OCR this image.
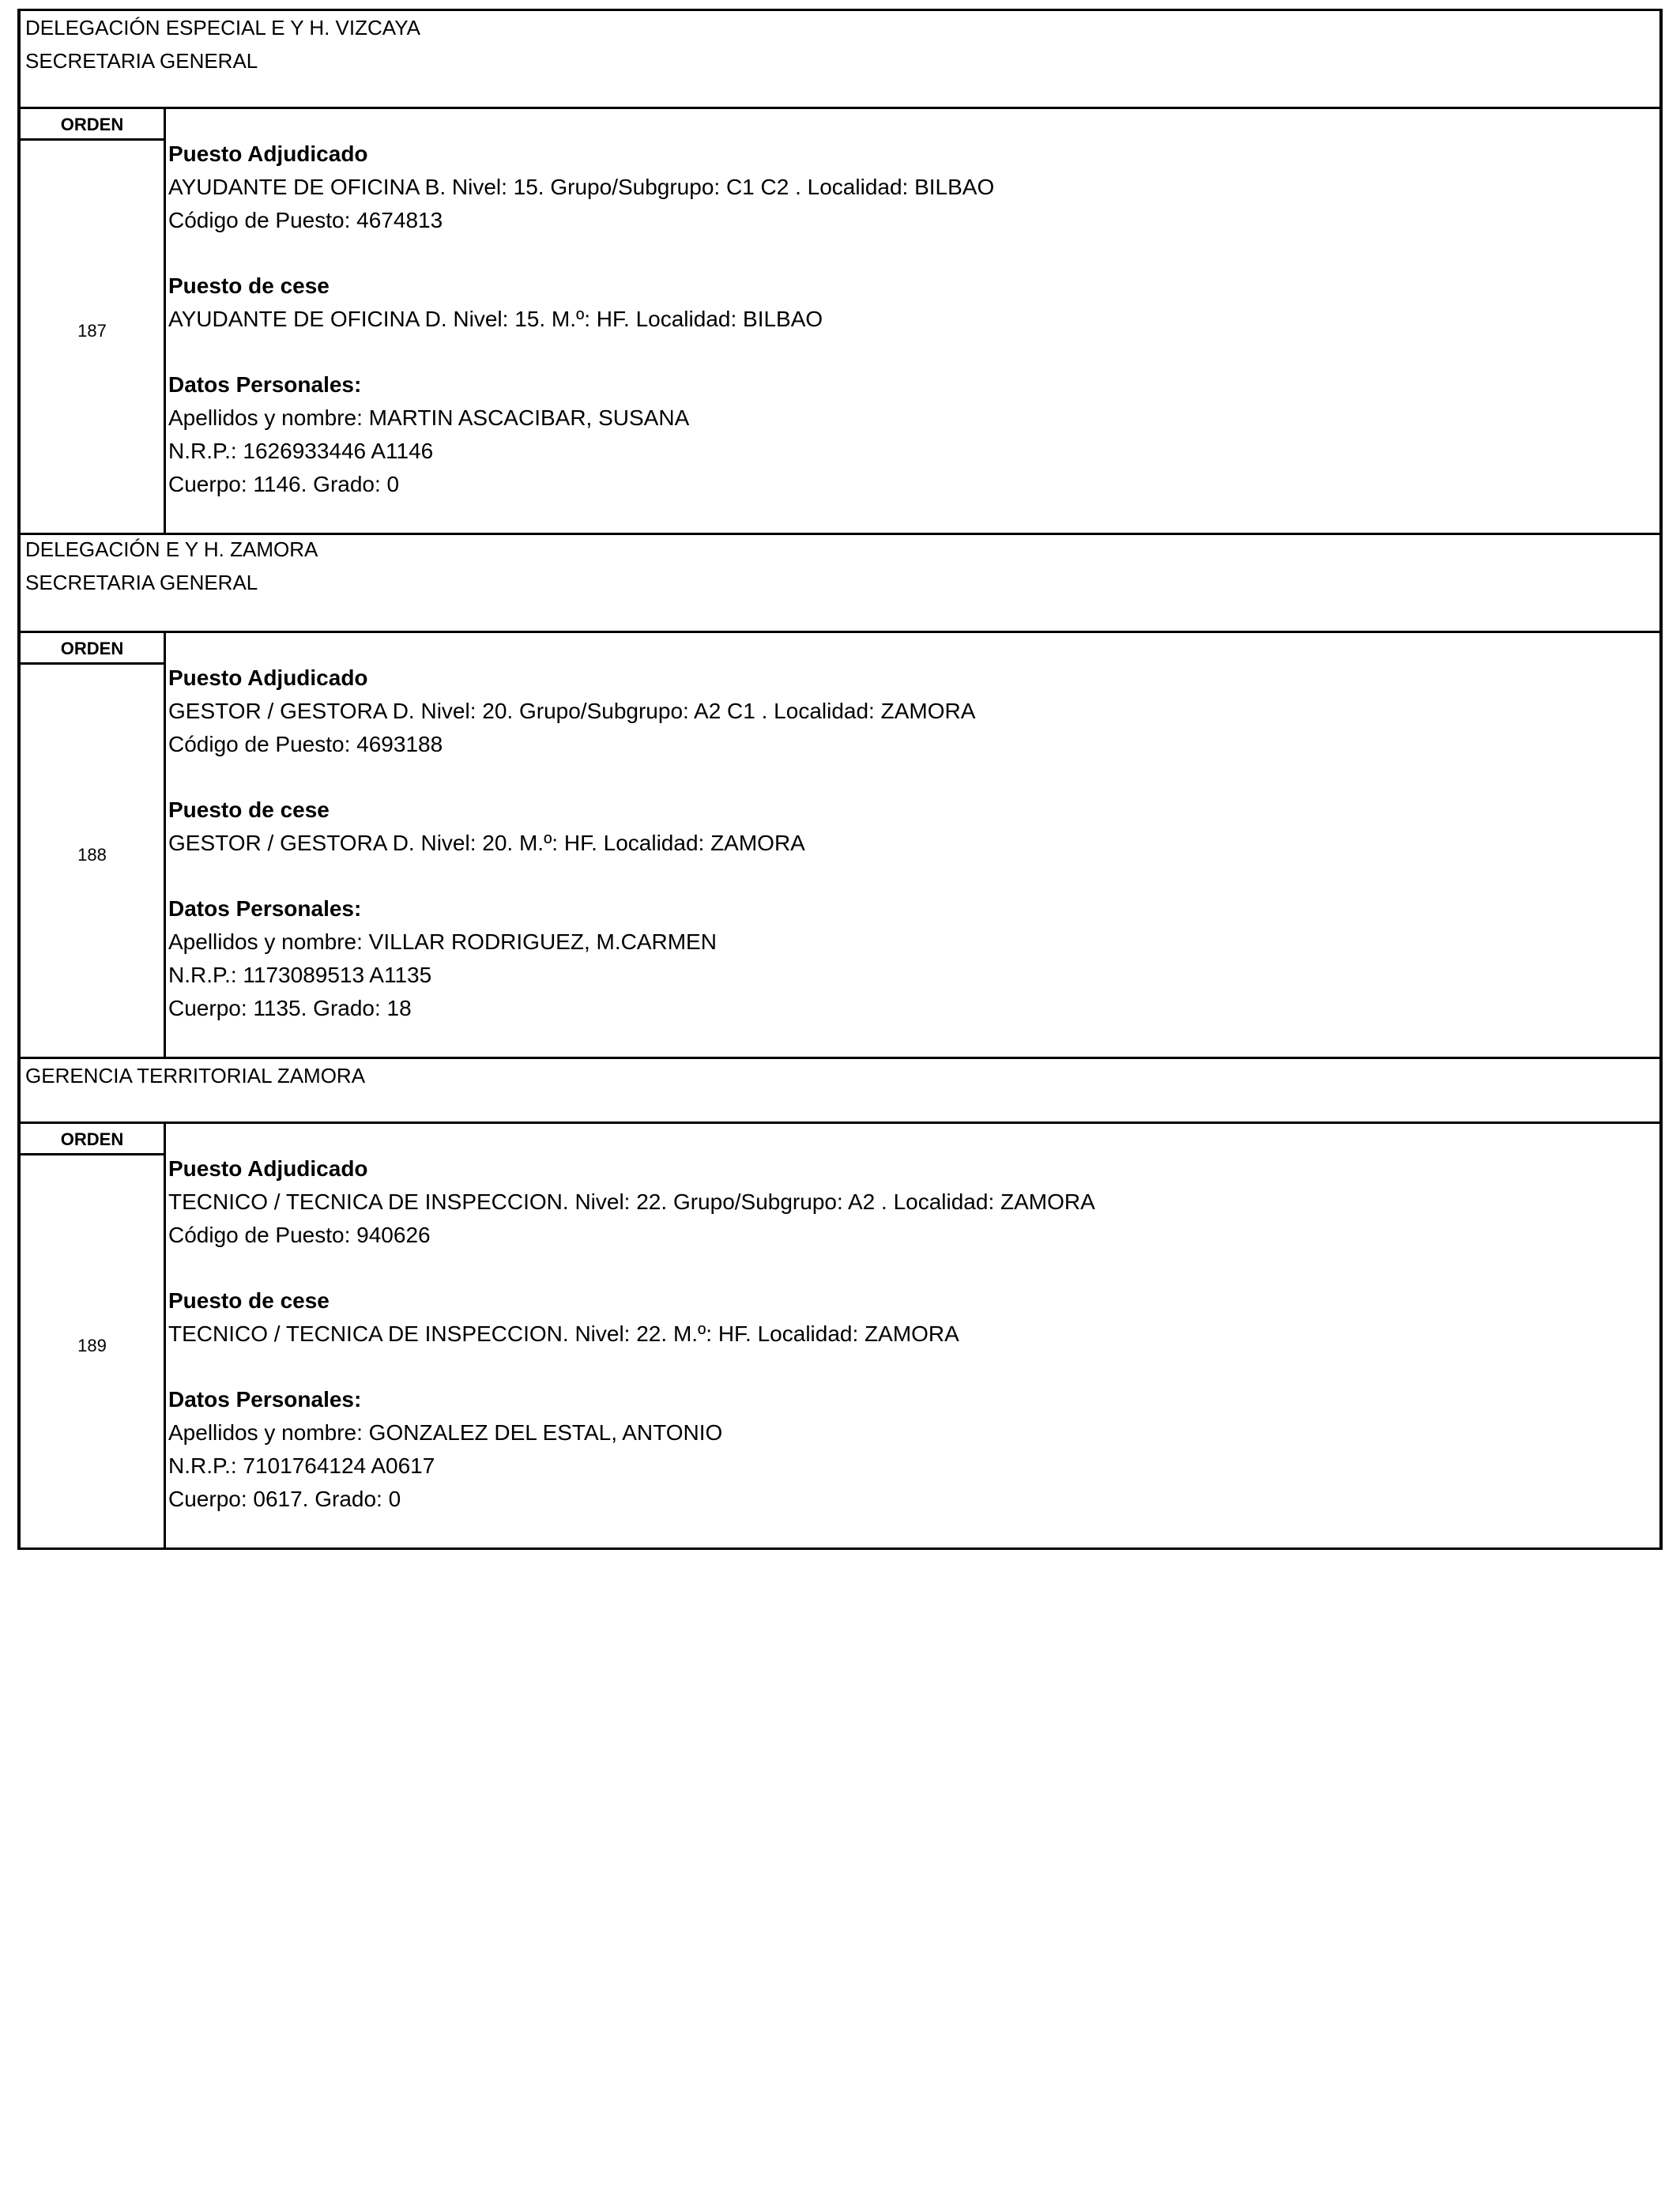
DELEGACIÓN ESPECIAL E Y H. VIZCAYA
SECRETARIA GENERAL
ORDEN
187
Puesto Adjudicado
AYUDANTE DE OFICINA B. Nivel: 15. Grupo/Subgrupo: C1 C2 . Localidad: BILBAO
Código de Puesto: 4674813
Puesto de cese
AYUDANTE DE OFICINA D. Nivel: 15. M.º: HF. Localidad: BILBAO
Datos Personales:
Apellidos y nombre: MARTIN ASCACIBAR, SUSANA
N.R.P.: 1626933446 A1146
Cuerpo: 1146. Grado: 0
DELEGACIÓN E Y H. ZAMORA
SECRETARIA GENERAL
ORDEN
188
Puesto Adjudicado
GESTOR / GESTORA D. Nivel: 20. Grupo/Subgrupo: A2 C1 . Localidad: ZAMORA
Código de Puesto: 4693188
Puesto de cese
GESTOR / GESTORA D. Nivel: 20. M.º: HF. Localidad: ZAMORA
Datos Personales:
Apellidos y nombre: VILLAR RODRIGUEZ, M.CARMEN
N.R.P.: 1173089513 A1135
Cuerpo: 1135. Grado: 18
GERENCIA TERRITORIAL ZAMORA
ORDEN
189
Puesto Adjudicado
TECNICO / TECNICA DE INSPECCION. Nivel: 22. Grupo/Subgrupo: A2 . Localidad: ZAMORA
Código de Puesto: 940626
Puesto de cese
TECNICO / TECNICA DE INSPECCION. Nivel: 22. M.º: HF. Localidad: ZAMORA
Datos Personales:
Apellidos y nombre: GONZALEZ DEL ESTAL, ANTONIO
N.R.P.: 7101764124 A0617
Cuerpo: 0617. Grado: 0
